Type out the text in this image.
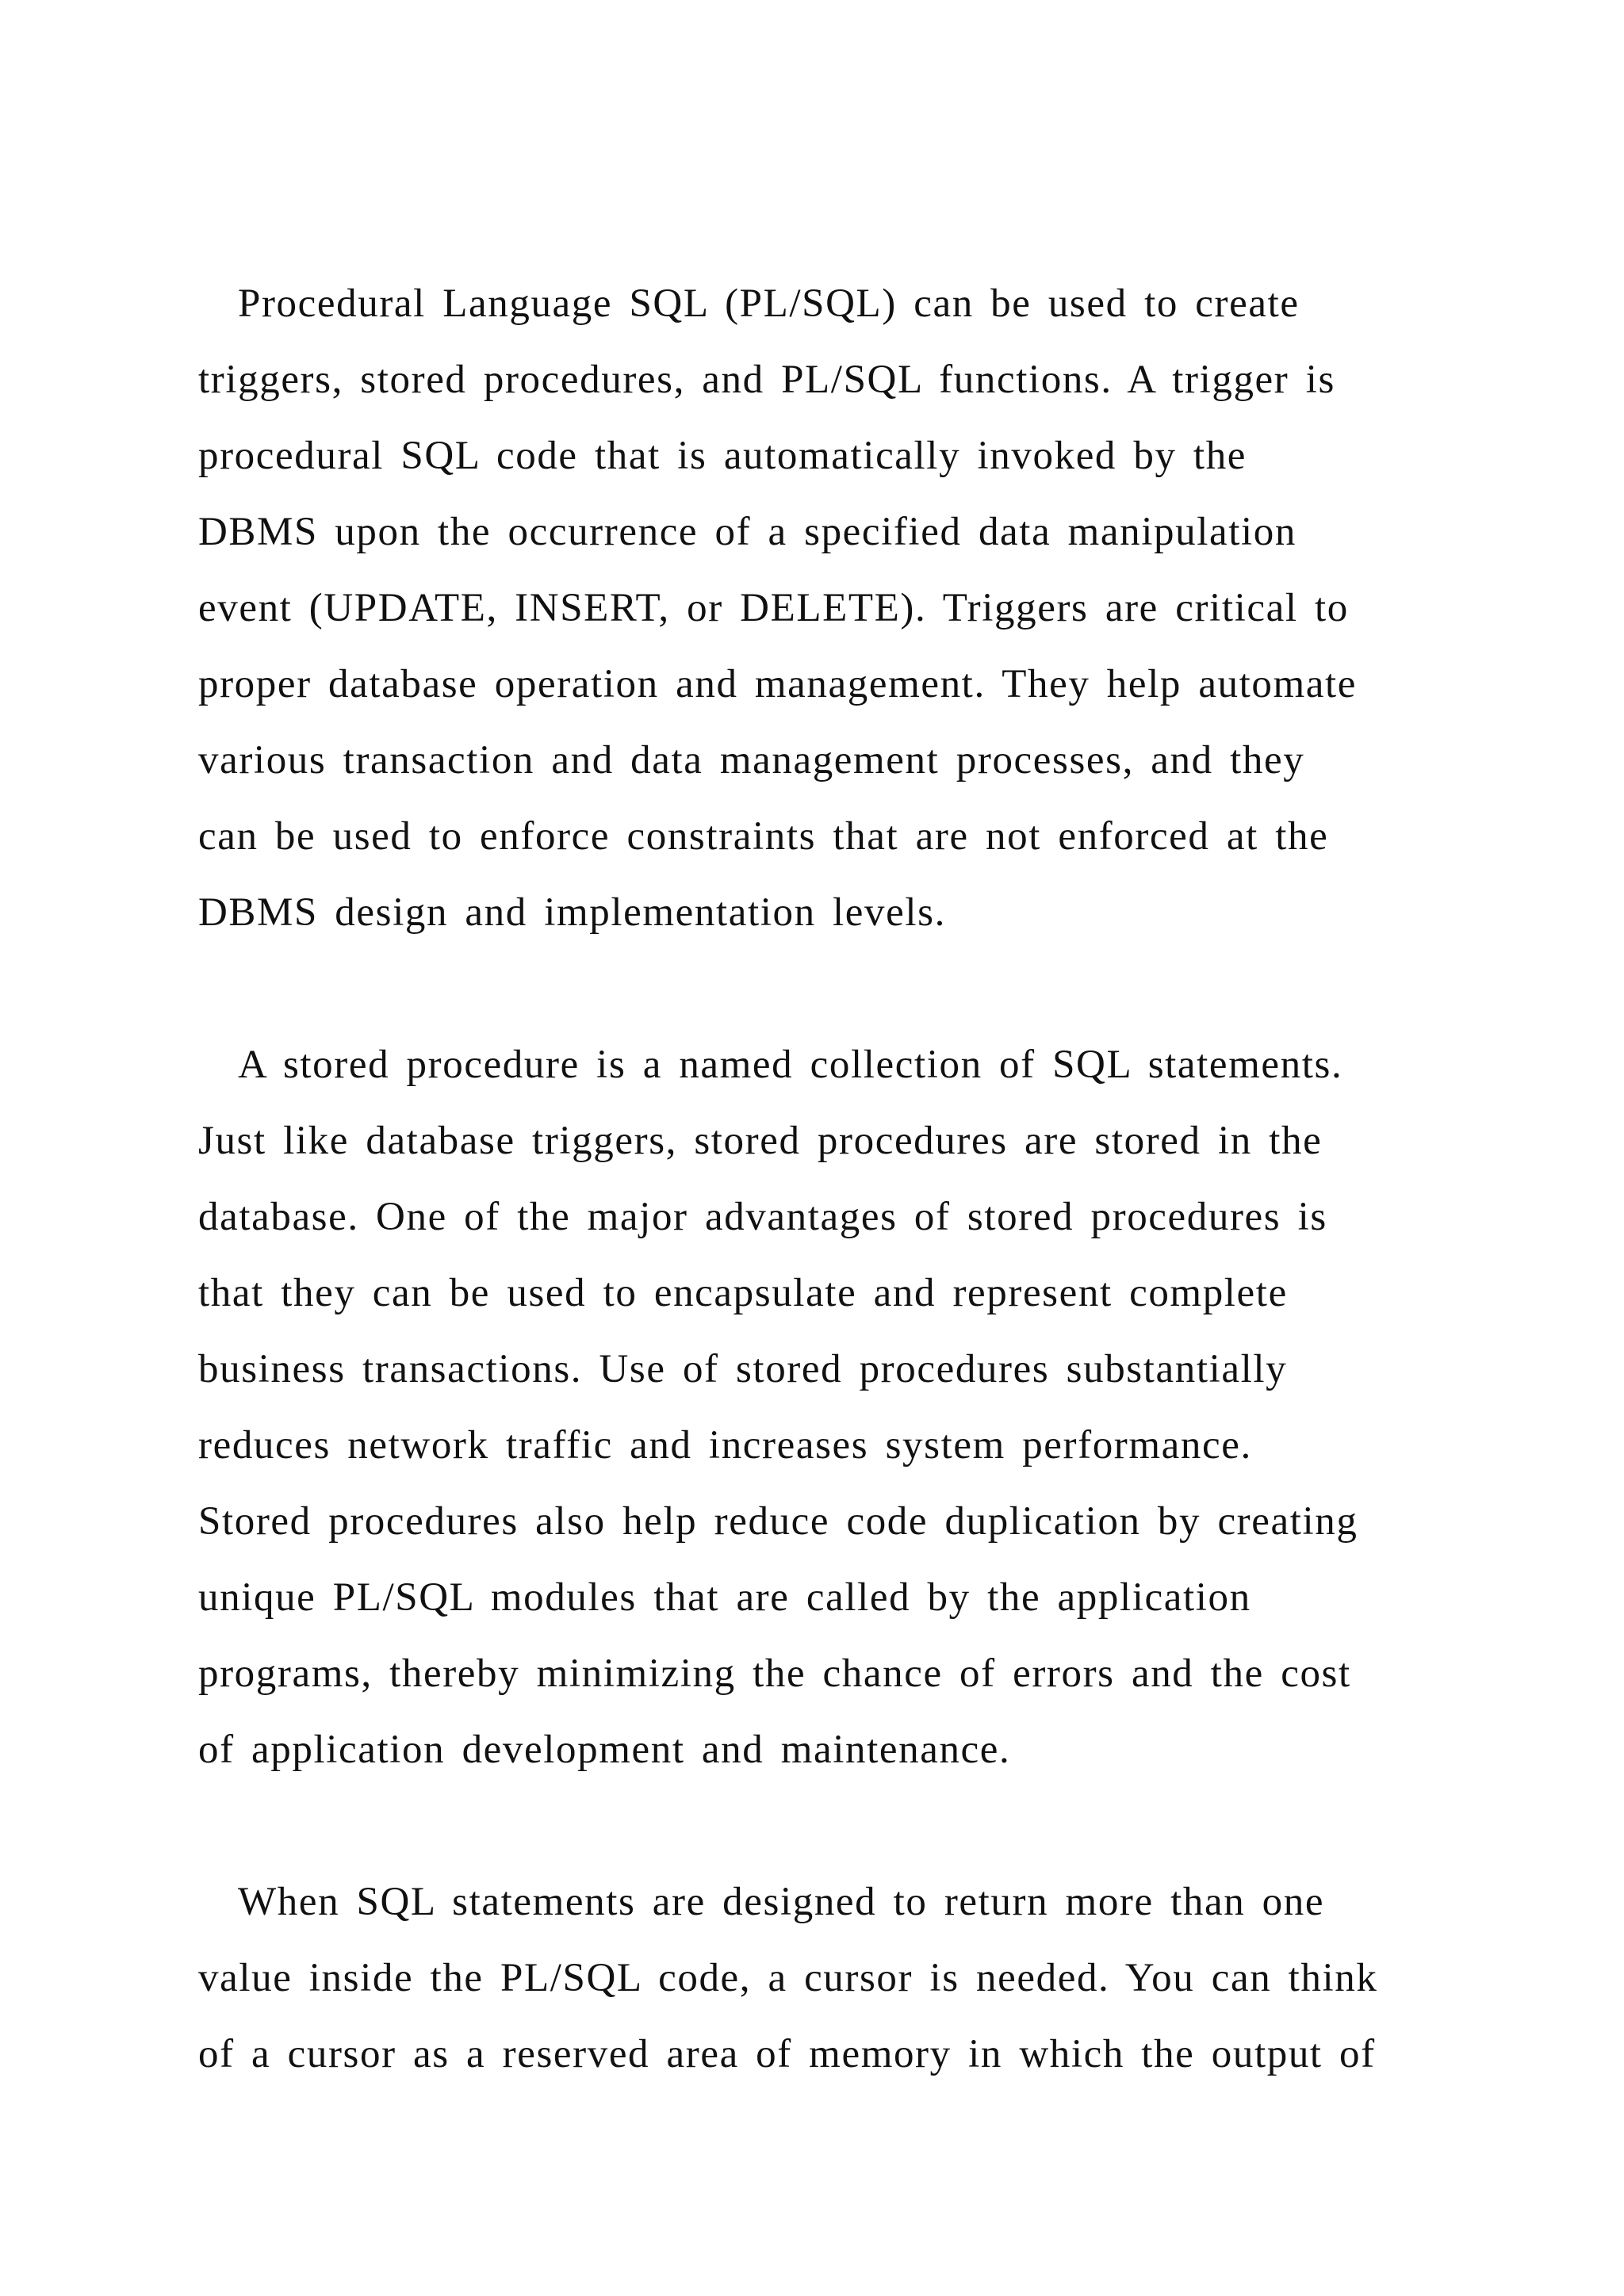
Procedural Language SQL (PL/SQL) can be used to create
triggers, stored procedures, and PL/SQL functions. A trigger is
procedural SQL code that is automatically invoked by the
DBMS upon the occurrence of a specified data manipulation
event (UPDATE, INSERT, or DELETE). Triggers are critical to
proper database operation and management. They help automate
various transaction and data management processes, and they
can be used to enforce constraints that are not enforced at the
DBMS design and implementation levels.

A stored procedure is a named collection of SQL statements.
Just like database triggers, stored procedures are stored in the
database. One of the major advantages of stored procedures is
that they can be used to encapsulate and represent complete
business transactions. Use of stored procedures substantially
reduces network traffic and increases system performance.
Stored procedures also help reduce code duplication by creating
unique PL/SQL modules that are called by the application
programs, thereby minimizing the chance of errors and the cost
of application development and maintenance.

When SQL statements are designed to return more than one
value inside the PL/SQL code, a cursor is needed. You can think
of a cursor as a reserved area of memory in which the output of
